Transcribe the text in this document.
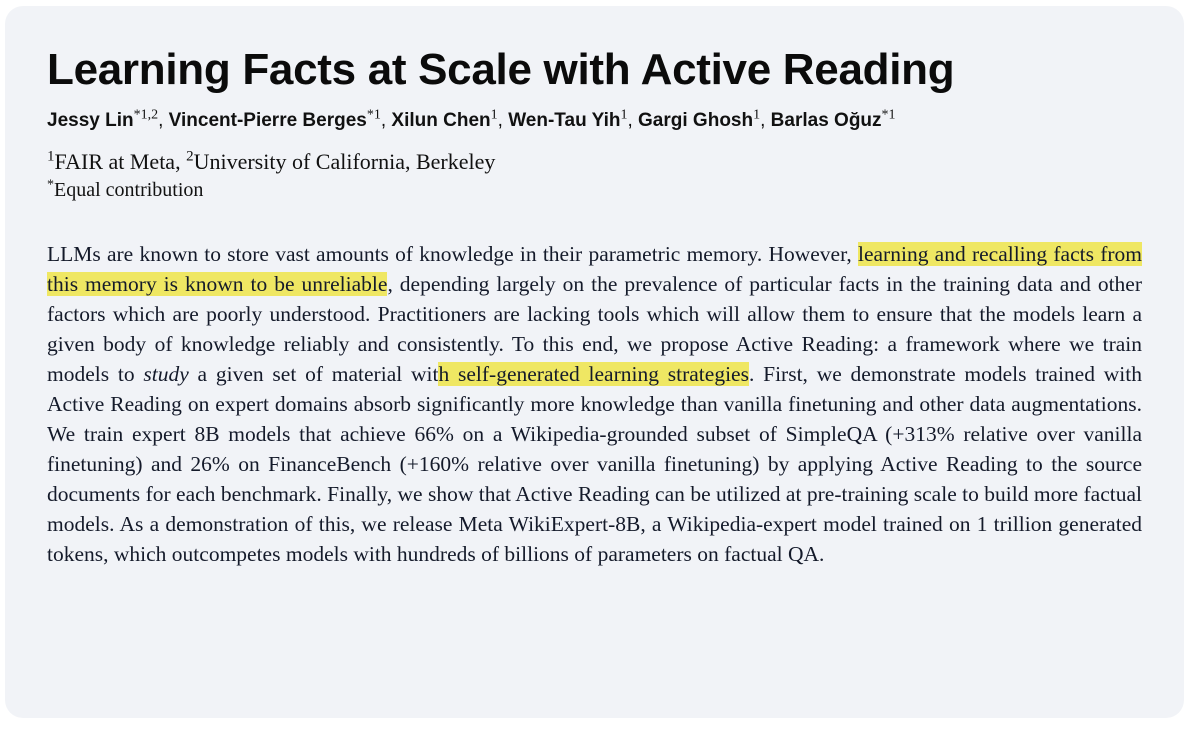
Learning Facts at Scale with Active Reading
Jessy Lin$^{*1,2}$, Vincent-Pierre Berges$^{*1}$, Xilun Chen$^1$, Wen-Tau Yih$^1$, Gargi Ghosh$^1$, Barlas Oğuz$^{*1}$
$^1$FAIR at Meta, $^2$University of California, Berkeley
*Equal contribution

LLMs are known to store vast amounts of knowledge in their parametric memory. However, learning and recalling facts from this memory is known to be unreliable, depending largely on the prevalence of particular facts in the training data and other factors which are poorly understood. Practitioners are lacking tools which will allow them to ensure that the models learn a given body of knowledge reliably and consistently. To this end, we propose Active Reading: a framework where we train models to study a given set of material with self-generated learning strategies. First, we demonstrate models trained with Active Reading on expert domains absorb significantly more knowledge than vanilla finetuning and other data augmentations. We train expert 8B models that achieve 66% on a Wikipedia-grounded subset of SimpleQA (+313% relative over vanilla finetuning) and 26% on FinanceBench (+160% relative over vanilla finetuning) by applying Active Reading to the source documents for each benchmark. Finally, we show that Active Reading can be utilized at pre-training scale to build more factual models. As a demonstration of this, we release Meta WikiExpert-8B, a Wikipedia-expert model trained on 1 trillion generated tokens, which outcompetes models with hundreds of billions of parameters on factual QA.
